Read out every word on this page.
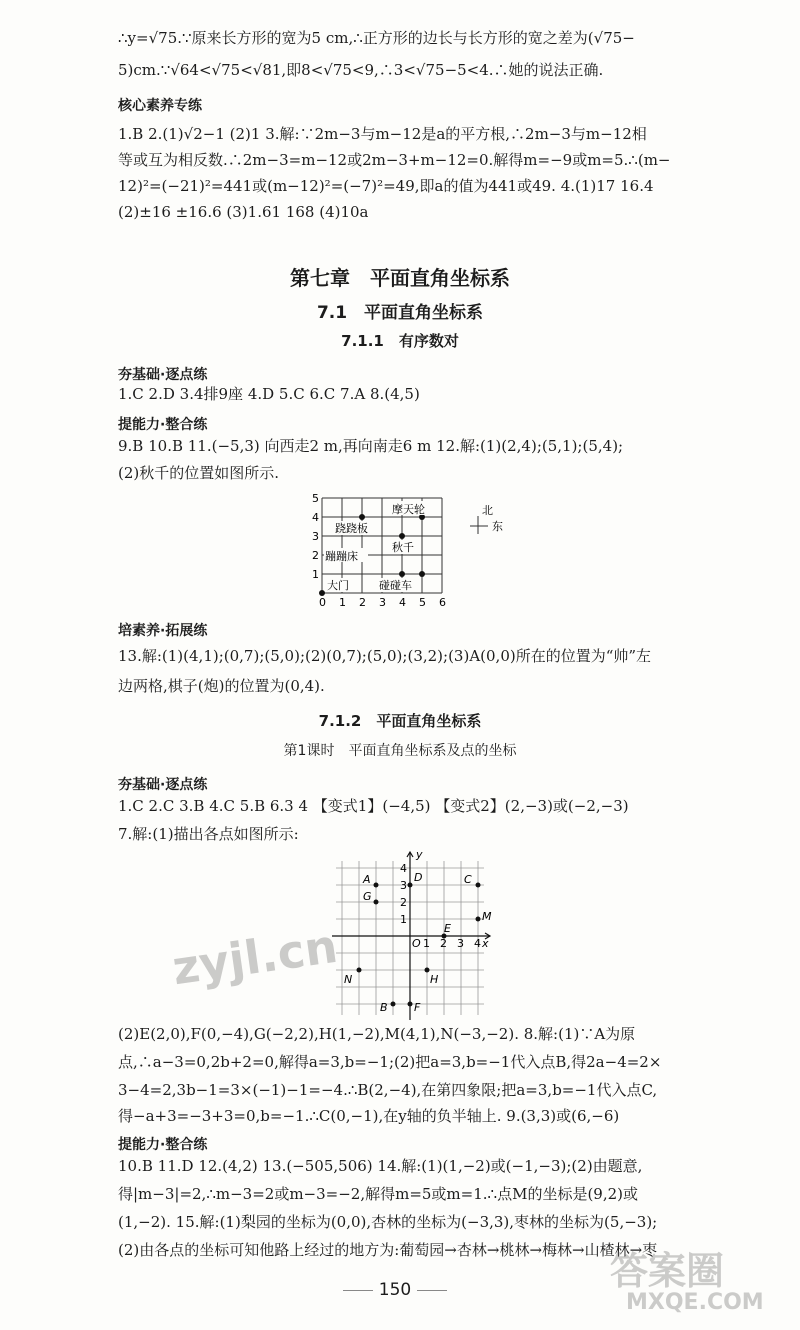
∴y=√75.∵原来长方形的宽为5 cm,∴正方形的边长与长方形的宽之差为(√75−
5)cm.∵√64<√75<√81,即8<√75<9,∴3<√75−5<4.∴她的说法正确.
核心素养专练
1.B 2.(1)√2−1 (2)1 3.解:∵2m−3与m−12是a的平方根,∴2m−3与m−12相
等或互为相反数.∴2m−3=m−12或2m−3+m−12=0.解得m=−9或m=5.∴(m−
12)²=(−21)²=441或(m−12)²=(−7)²=49,即a的值为441或49. 4.(1)17 16.4
(2)±16 ±16.6 (3)1.61 168 (4)10a
第七章　平面直角坐标系
7.1　平面直角坐标系
7.1.1　有序数对
夯基础·逐点练
1.C 2.D 3.4排9座 4.D 5.C 6.C 7.A 8.(4,5)
提能力·整合练
9.B 10.B 11.(−5,3) 向西走2 m,再向南走6 m 12.解:(1)(2,4);(5,1);(5,4);
(2)秋千的位置如图所示.
摩天轮
跷跷板
蹦蹦床
秋千
碰碰车
大门
0 1 2 3 4 5 6
1
2
3
4
5
北
东
培素养·拓展练
13.解:(1)(4,1);(0,7);(5,0);(2)(0,7);(5,0);(3,2);(3)A(0,0)所在的位置为“帅”左
边两格,棋子(炮)的位置为(0,4).
7.1.2　平面直角坐标系
第1课时　平面直角坐标系及点的坐标
夯基础·逐点练
1.C 2.C 3.B 4.C 5.B 6.3 4 【变式1】(−4,5) 【变式2】(2,−3)或(−2,−3)
7.解:(1)描出各点如图所示:
A
G
D	C
M
E
N	H
B F
y
x
O 1 2 3 4
1
2
3
4
zyjl.cn
(2)E(2,0),F(0,−4),G(−2,2),H(1,−2),M(4,1),N(−3,−2). 8.解:(1)∵A为原
点,∴a−3=0,2b+2=0,解得a=3,b=−1;(2)把a=3,b=−1代入点B,得2a−4=2×
3−4=2,3b−1=3×(−1)−1=−4.∴B(2,−4),在第四象限;把a=3,b=−1代入点C,
得−a+3=−3+3=0,b=−1.∴C(0,−1),在y轴的负半轴上. 9.(3,3)或(6,−6)
提能力·整合练
10.B 11.D 12.(4,2) 13.(−505,506) 14.解:(1)(1,−2)或(−1,−3);(2)由题意,
得|m−3|=2,∴m−3=2或m−3=−2,解得m=5或m=1.∴点M的坐标是(9,2)或
(1,−2). 15.解:(1)梨园的坐标为(0,0),杏林的坐标为(−3,3),枣林的坐标为(5,−3);
(2)由各点的坐标可知他路上经过的地方为:葡萄园→杏林→桃林→梅林→山楂林→枣
答案圈
MXQE.COM
150
